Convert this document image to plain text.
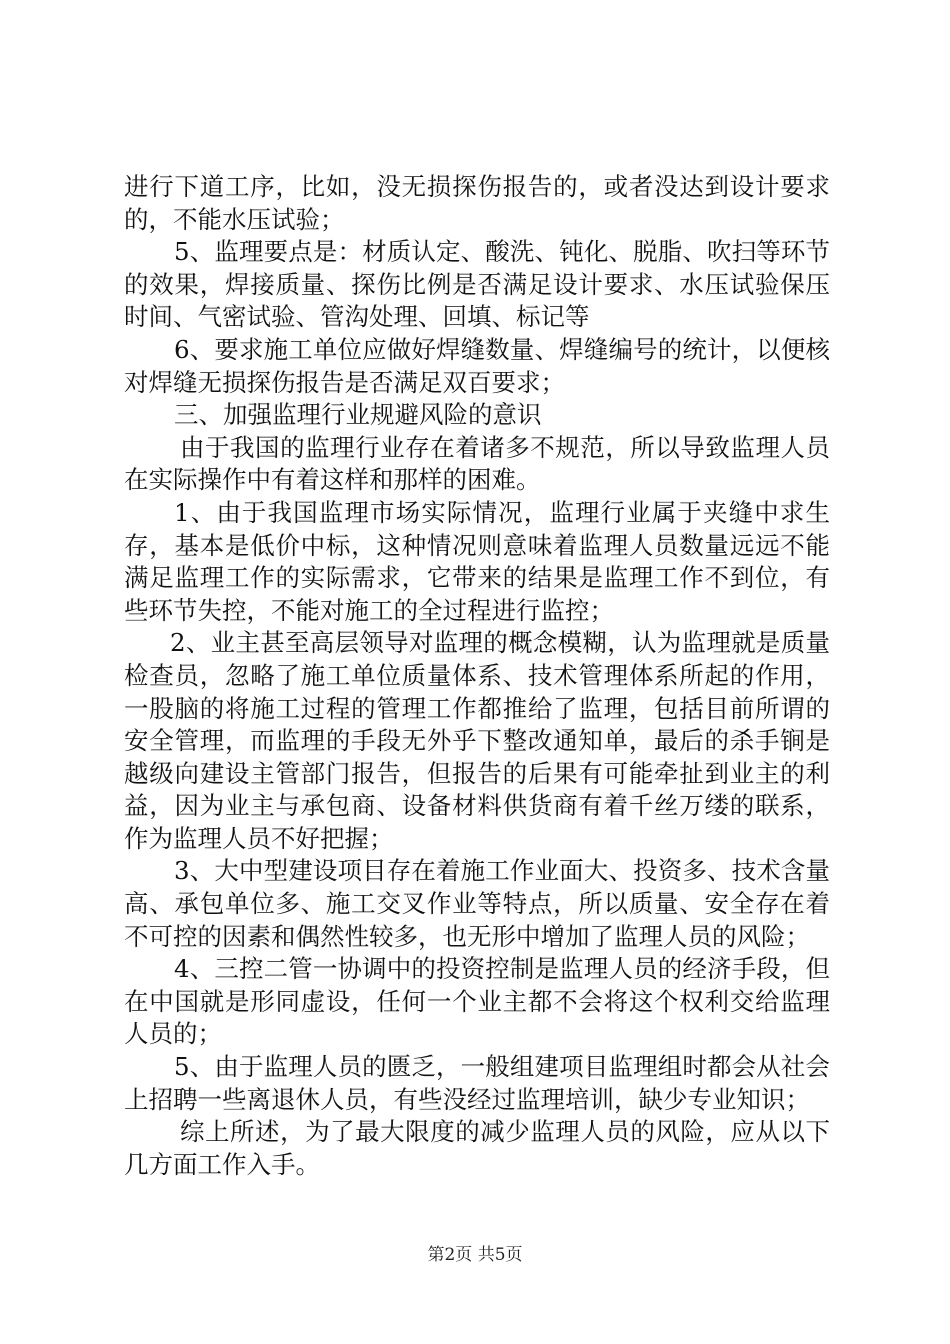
进行下道工序，比如，没无损探伤报告的，或者没达到设计要求的，不能水压试验；

5、监理要点是：材质认定、酸洗、钝化、脱脂、吹扫等环节的效果，焊接质量、探伤比例是否满足设计要求、水压试验保压时间、气密试验、管沟处理、回填、标记等

6、要求施工单位应做好焊缝数量、焊缝编号的统计，以便核对焊缝无损探伤报告是否满足双百要求；

三、加强监理行业规避风险的意识

由于我国的监理行业存在着诸多不规范，所以导致监理人员在实际操作中有着这样和那样的困难。

1、由于我国监理市场实际情况，监理行业属于夹缝中求生存，基本是低价中标，这种情况则意味着监理人员数量远远不能满足监理工作的实际需求，它带来的结果是监理工作不到位，有些环节失控，不能对施工的全过程进行监控；

2、业主甚至高层领导对监理的概念模糊，认为监理就是质量检查员，忽略了施工单位质量体系、技术管理体系所起的作用，一股脑的将施工过程的管理工作都推给了监理，包括目前所谓的安全管理，而监理的手段无外乎下整改通知单，最后的杀手锏是越级向建设主管部门报告，但报告的后果有可能牵扯到业主的利益，因为业主与承包商、设备材料供货商有着千丝万缕的联系，作为监理人员不好把握；

3、大中型建设项目存在着施工作业面大、投资多、技术含量高、承包单位多、施工交叉作业等特点，所以质量、安全存在着不可控的因素和偶然性较多，也无形中增加了监理人员的风险；

4、三控二管一协调中的投资控制是监理人员的经济手段，但在中国就是形同虚设，任何一个业主都不会将这个权利交给监理人员的；

5、由于监理人员的匮乏，一般组建项目监理组时都会从社会上招聘一些离退休人员，有些没经过监理培训，缺少专业知识；

综上所述，为了最大限度的减少监理人员的风险，应从以下几方面工作入手。

第2页 共5页
